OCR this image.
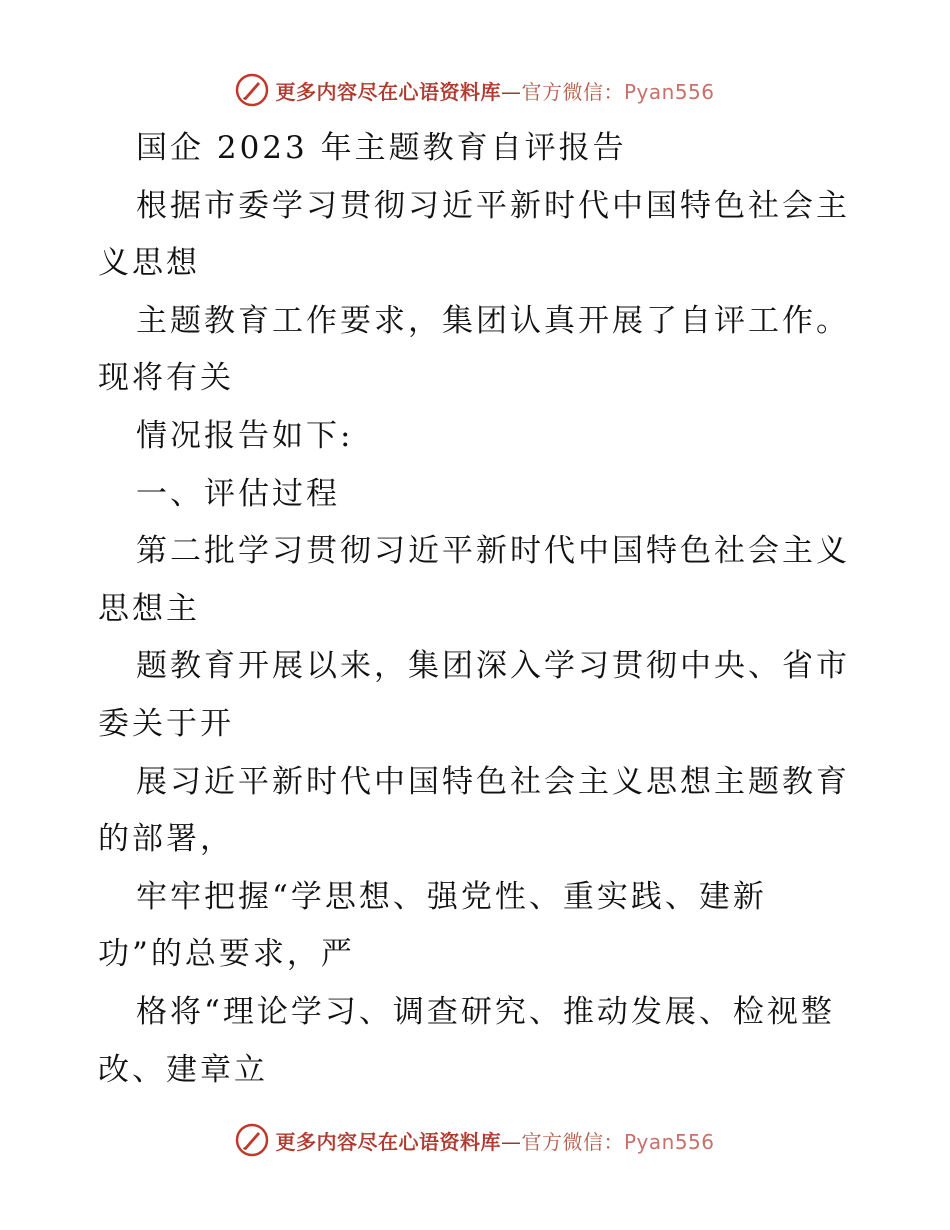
更多内容尽在心语资料库—官方微信：Pyan556
国企 2023 年主题教育自评报告
根据市委学习贯彻习近平新时代中国特色社会主
义思想
主题教育工作要求，集团认真开展了自评工作。
现将有关
情况报告如下:
一、评估过程
第二批学习贯彻习近平新时代中国特色社会主义
思想主
题教育开展以来，集团深入学习贯彻中央、省市
委关于开
展习近平新时代中国特色社会主义思想主题教育
的部署，
牢牢把握“学思想、强党性、重实践、建新
功”的总要求，严
格将“理论学习、调查研究、推动发展、检视整
改、建章立
更多内容尽在心语资料库—官方微信：Pyan556
